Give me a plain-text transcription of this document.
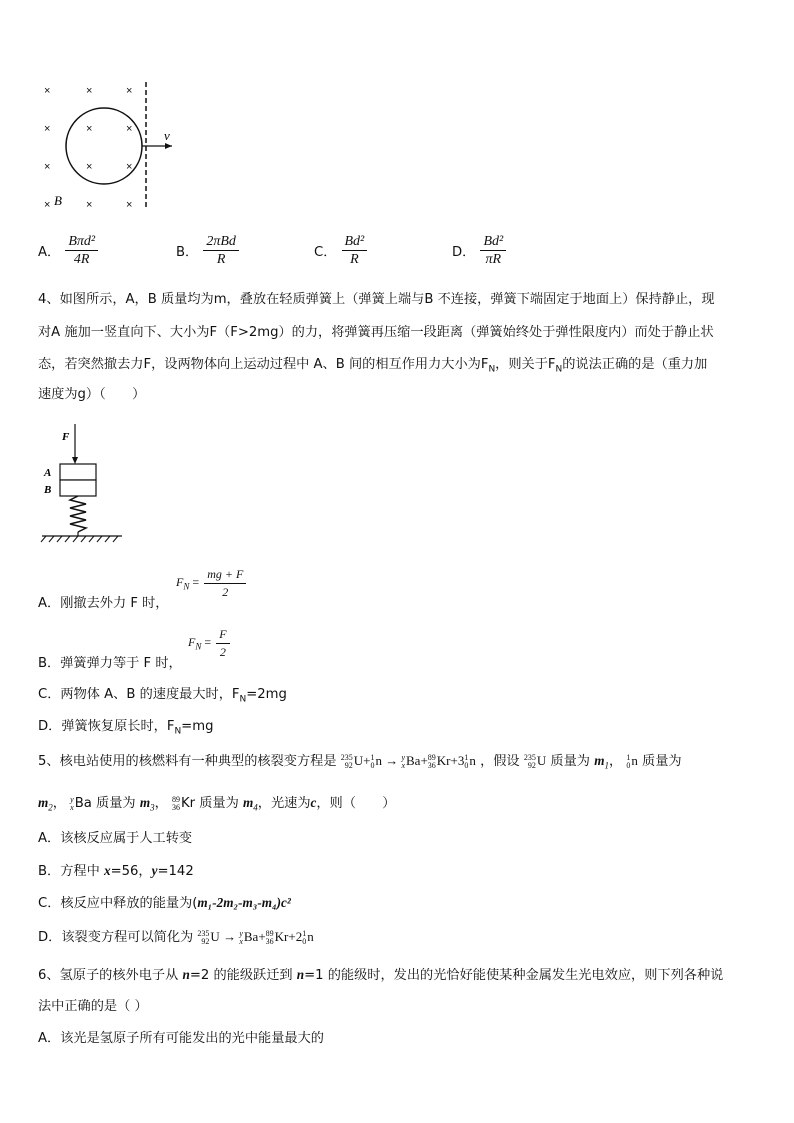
×	×	×
×	×	×
×	×	×
×	×	×
v
B
A． $\frac{\text{Bπd²}}{4R}$	B． $\frac{\text{2πBd}}{R}$	C． $\frac{\text{Bd²}}{R}$	D． $\frac{\text{Bd²}}{\pi R}$
4、如图所示，A，B 质量均为m，叠放在轻质弹簧上（弹簧上端与B 不连接，弹簧下端固定于地面上）保持静止，现
对A 施加一竖直向下、大小为F（F>2mg）的力，将弹簧再压缩一段距离（弹簧始终处于弹性限度内）而处于静止状
态，若突然撤去力F，设两物体向上运动过程中 A、B 间的相互作用力大小为$F_N$，则关于$F_N$的说法正确的是（重力加
速度为g）（　　）
F
A
B
$_{A.刚撤去外力 F 时,}$
$F_N = \frac{mg + F}{2}$
$_{B.弹簧弹力等于 F 时,}$
$F_N = \frac{F}{2}$
C．两物体 A、B 的速度最大时，$F_N=2mg$
D．弹簧恢复原长时，$F_N=mg$
5、核电站使用的核燃料有一种典型的核裂变方程是 235
92 U+ 1
0 n → y
x Ba+ 89
36 Kr+3 1
0 n ，假设 235
92 U 质量为 $m_1$， 1
0 n 质量为
$m_2$， y
x Ba 质量为 $m_3$， 89
36 Kr 质量为 $m_4$，光速为c，则（　　）
A．该核反应属于人工转变
B．方程中 x=56，y=142
C．核反应中释放的能量为(m₁-2m₂-m₃-m₄)c²
D．该裂变方程可以简化为 235
92 U → y
x Ba+ 89
36 Kr+2 1
0 n
6、氢原子的核外电子从 n=2 的能级跃迁到 n=1 的能级时，发出的光恰好能使某种金属发生光电效应，则下列各种说
法中正确的是（ ）
A．该光是氢原子所有可能发出的光中能量最大的
